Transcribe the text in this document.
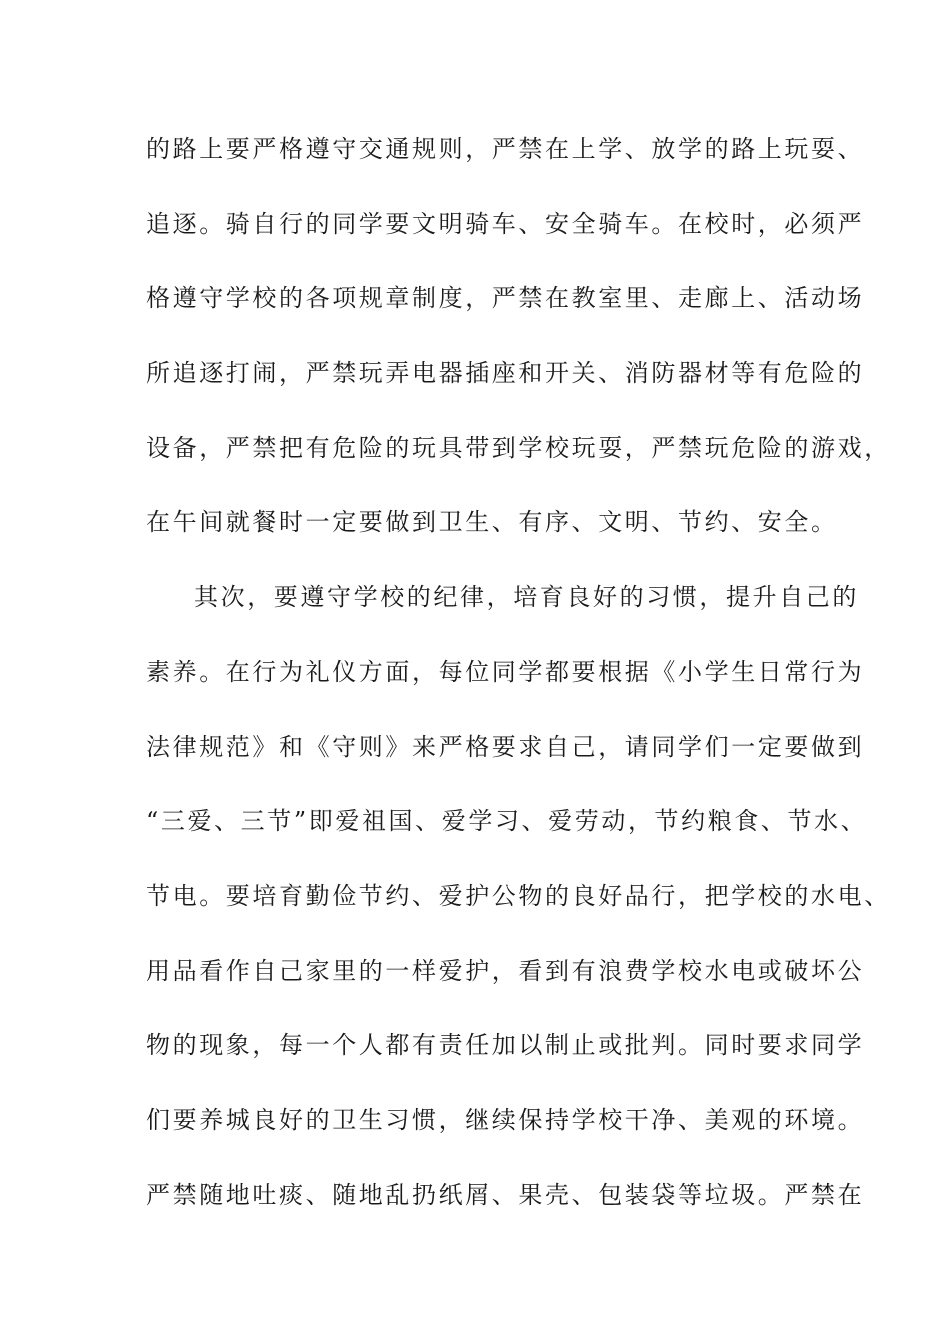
的路上要严格遵守交通规则，严禁在上学、放学的路上玩耍、
追逐。骑自行的同学要文明骑车、安全骑车。在校时，必须严
格遵守学校的各项规章制度，严禁在教室里、走廊上、活动场
所追逐打闹，严禁玩弄电器插座和开关、消防器材等有危险的
设备，严禁把有危险的玩具带到学校玩耍，严禁玩危险的游戏，
在午间就餐时一定要做到卫生、有序、文明、节约、安全。
其次，要遵守学校的纪律，培育良好的习惯，提升自己的
素养。在行为礼仪方面，每位同学都要根据《小学生日常行为
法律规范》和《守则》来严格要求自己，请同学们一定要做到
“三爱、三节”即爱祖国、爱学习、爱劳动，节约粮食、节水、
节电。要培育勤俭节约、爱护公物的良好品行，把学校的水电、
用品看作自己家里的一样爱护，看到有浪费学校水电或破坏公
物的现象，每一个人都有责任加以制止或批判。同时要求同学
们要养城良好的卫生习惯，继续保持学校干净、美观的环境。
严禁随地吐痰、随地乱扔纸屑、果壳、包装袋等垃圾。严禁在
